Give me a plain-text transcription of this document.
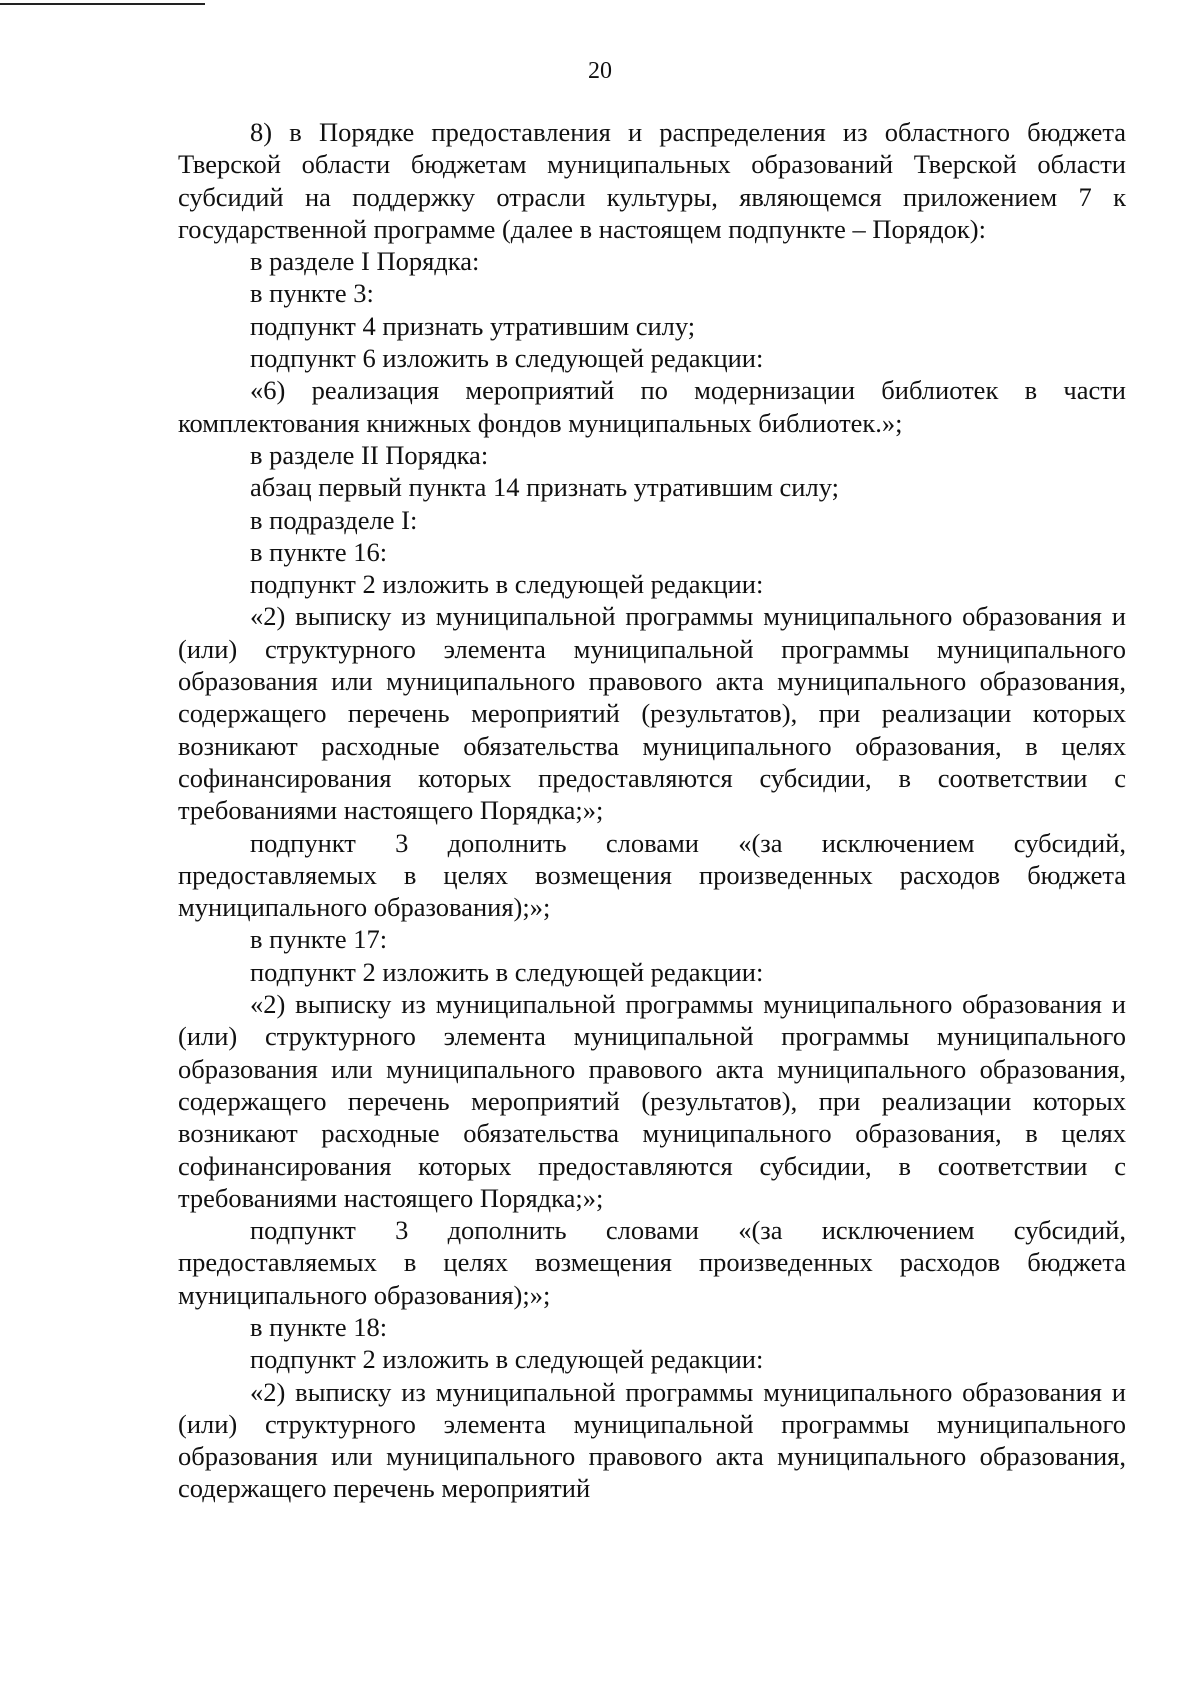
20

8) в Порядке предоставления и распределения из областного бюджета Тверской области бюджетам муниципальных образований Тверской области субсидий на поддержку отрасли культуры, являющемся приложением 7 к государственной программе (далее в настоящем подпункте – Порядок):

в разделе I Порядка:

в пункте 3:

подпункт 4 признать утратившим силу;

подпункт 6 изложить в следующей редакции:

«6) реализация мероприятий по модернизации библиотек в части комплектования книжных фондов муниципальных библиотек.»;

в разделе II Порядка:

абзац первый пункта 14 признать утратившим силу;

в подразделе I:

в пункте 16:

подпункт 2 изложить в следующей редакции:

«2) выписку из муниципальной программы муниципального образования и (или) структурного элемента муниципальной программы муниципального образования или муниципального правового акта муниципального образования, содержащего перечень мероприятий (результатов), при реализации которых возникают расходные обязательства муниципального образования, в целях софинансирования которых предоставляются субсидии, в соответствии с требованиями настоящего Порядка;»;

подпункт 3 дополнить словами «(за исключением субсидий, предоставляемых в целях возмещения произведенных расходов бюджета муниципального образования);»;

в пункте 17:

подпункт 2 изложить в следующей редакции:

«2) выписку из муниципальной программы муниципального образования и (или) структурного элемента муниципальной программы муниципального образования или муниципального правового акта муниципального образования, содержащего перечень мероприятий (результатов), при реализации которых возникают расходные обязательства муниципального образования, в целях софинансирования которых предоставляются субсидии, в соответствии с требованиями настоящего Порядка;»;

подпункт 3 дополнить словами «(за исключением субсидий, предоставляемых в целях возмещения произведенных расходов бюджета муниципального образования);»;

в пункте 18:

подпункт 2 изложить в следующей редакции:

«2) выписку из муниципальной программы муниципального образования и (или) структурного элемента муниципальной программы муниципального образования или муниципального правового акта муниципального образования, содержащего перечень мероприятий
